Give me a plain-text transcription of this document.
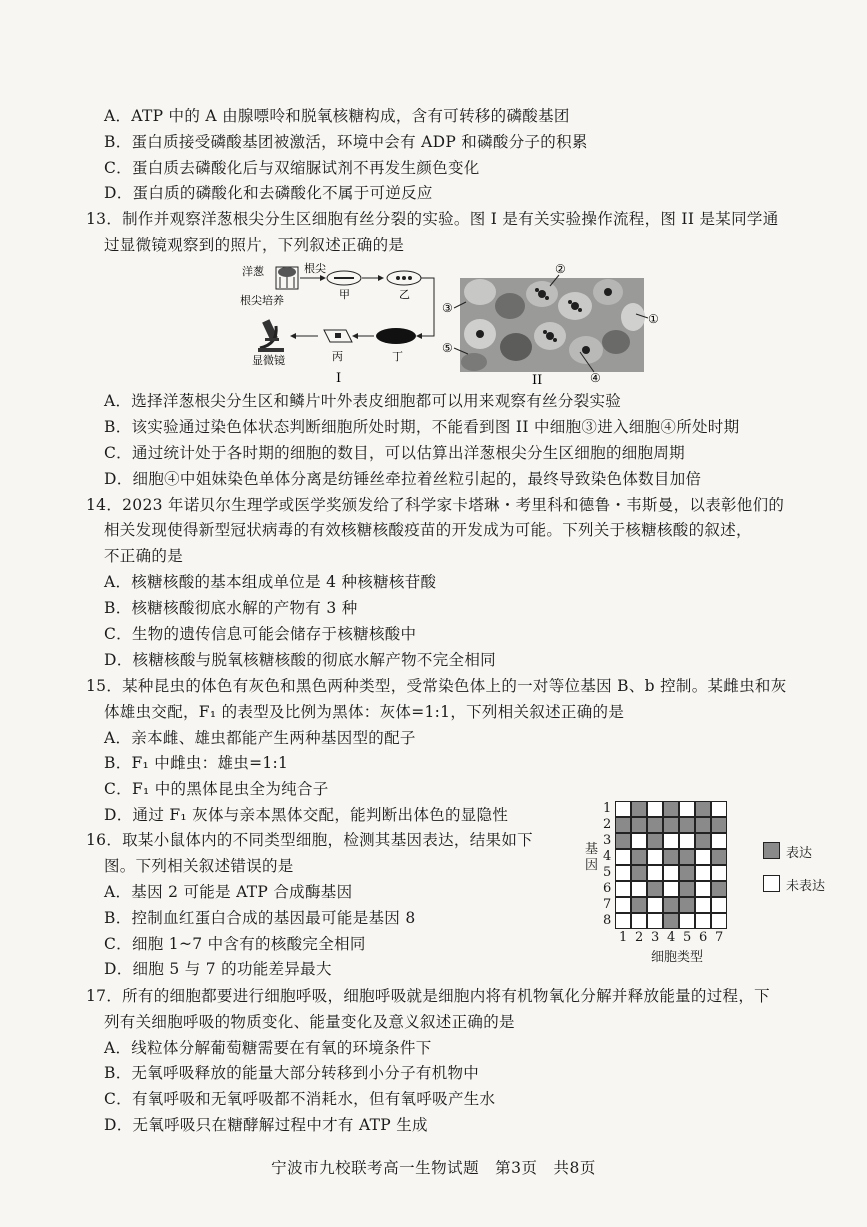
A．ATP 中的 A 由腺嘌呤和脱氧核糖构成，含有可转移的磷酸基团
B．蛋白质接受磷酸基团被激活，环境中会有 ADP 和磷酸分子的积累
C．蛋白质去磷酸化后与双缩脲试剂不再发生颜色变化
D．蛋白质的磷酸化和去磷酸化不属于可逆反应
13．制作并观察洋葱根尖分生区细胞有丝分裂的实验。图 I 是有关实验操作流程，图 II 是某同学通
过显微镜观察到的照片，下列叙述正确的是
洋葱	根尖
甲	乙
根尖培养
丁
丙
显微镜
I
②
③
①
⑤
④
II
A．选择洋葱根尖分生区和鳞片叶外表皮细胞都可以用来观察有丝分裂实验
B．该实验通过染色体状态判断细胞所处时期，不能看到图 II 中细胞③进入细胞④所处时期
C．通过统计处于各时期的细胞的数目，可以估算出洋葱根尖分生区细胞的细胞周期
D．细胞④中姐妹染色单体分离是纺锤丝牵拉着丝粒引起的，最终导致染色体数目加倍
14．2023 年诺贝尔生理学或医学奖颁发给了科学家卡塔琳・考里科和德鲁・韦斯曼，以表彰他们的
相关发现使得新型冠状病毒的有效核糖核酸疫苗的开发成为可能。下列关于核糖核酸的叙述，
不正确的是
A．核糖核酸的基本组成单位是 4 种核糖核苷酸
B．核糖核酸彻底水解的产物有 3 种
C．生物的遗传信息可能会储存于核糖核酸中
D．核糖核酸与脱氧核糖核酸的彻底水解产物不完全相同
15．某种昆虫的体色有灰色和黑色两种类型，受常染色体上的一对等位基因 B、b 控制。某雌虫和灰
体雄虫交配，F₁ 的表型及比例为黑体：灰体=1:1，下列相关叙述正确的是
A．亲本雌、雄虫都能产生两种基因型的配子
B．F₁ 中雌虫：雄虫=1:1
C．F₁ 中的黑体昆虫全为纯合子
D．通过 F₁ 灰体与亲本黑体交配，能判断出体色的显隐性
16．取某小鼠体内的不同类型细胞，检测其基因表达，结果如下
图。下列相关叙述错误的是
A．基因 2 可能是 ATP 合成酶基因
B．控制血红蛋白合成的基因最可能是基因 8
C．细胞 1~7 中含有的核酸完全相同
D．细胞 5 与 7 的功能差异最大
17．所有的细胞都要进行细胞呼吸，细胞呼吸就是细胞内将有机物氧化分解并释放能量的过程，下
列有关细胞呼吸的物质变化、能量变化及意义叙述正确的是
A．线粒体分解葡萄糖需要在有氧的环境条件下
B．无氧呼吸释放的能量大部分转移到小分子有机物中
C．有氧呼吸和无氧呼吸都不消耗水，但有氧呼吸产生水
D．无氧呼吸只在糖酵解过程中才有 ATP 生成
基因
1
2
3
4
5
6
7
8
1 2 3 4 5 6 7
细胞类型
表达
未表达
宁波市九校联考高一生物试题　第3页　共8页
